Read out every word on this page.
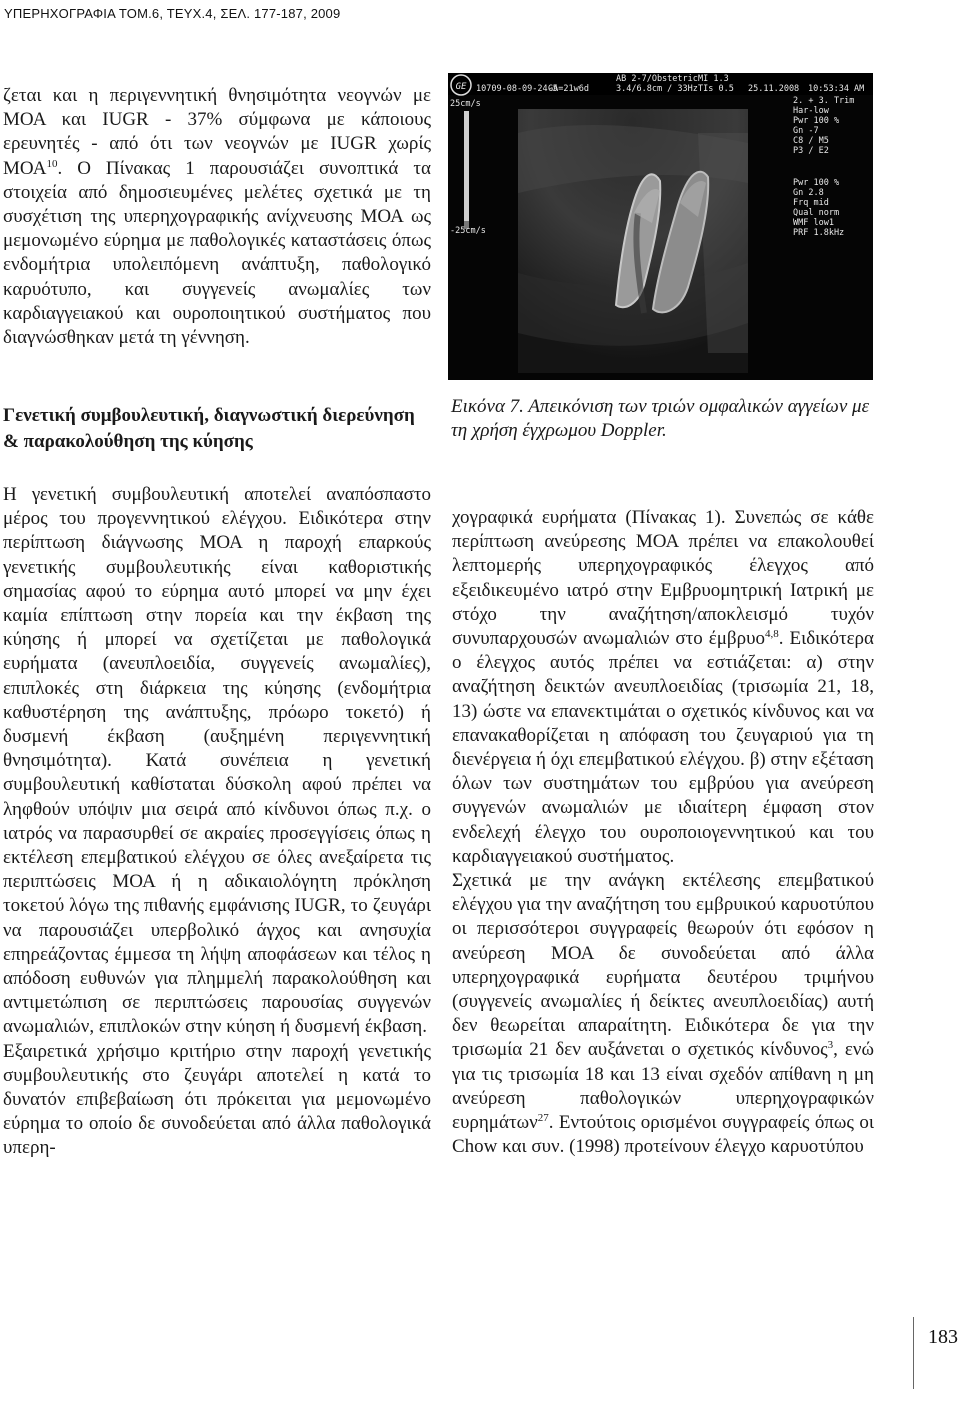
ΥΠΕΡΗΧΟΓΡΑΦΙΑ ΤΟΜ.6, ΤΕΥΧ.4, ΣΕΛ. 177-187, 2009

ζεται και η περιγεννητική θνησιμότητα νεογνών με ΜΟΑ και IUGR - 37% σύμφωνα με κάποιους ερευνητές - από ότι των νεογνών με IUGR χωρίς ΜΟΑ$^{10}$. Ο Πίνακας 1 παρουσιάζει συνοπτικά τα στοιχεία από δημοσιευμένες μελέτες σχετικά με τη συσχέτιση της υπερηχογραφικής ανίχνευσης ΜΟΑ ως μεμονωμένο εύρημα με παθολογικές καταστάσεις όπως ενδομήτρια υπολειπόμενη ανάπτυξη, παθολογικό καρυότυπο, και συγγενείς ανωμαλίες των καρδιαγγειακού και ουροποιητικού συστήματος που διαγνώσθηκαν μετά τη γέννηση.

Γενετική συμβουλευτική, διαγνωστική διερεύνηση & παρακολούθηση της κύησης

Η γενετική συμβουλευτική αποτελεί αναπόσπαστο μέρος του προγεννητικού ελέγχου. Ειδικότερα στην περίπτωση διάγνωσης ΜΟΑ η παροχή επαρκούς γενετικής συμβουλευτικής είναι καθοριστικής σημασίας αφού το εύρημα αυτό μπορεί να μην έχει καμία επίπτωση στην πορεία και την έκβαση της κύησης ή μπορεί να σχετίζεται με παθολογικά ευρήματα (ανευπλοειδία, συγγενείς ανωμαλίες), επιπλοκές στη διάρκεια της κύησης (ενδομήτρια καθυστέρηση της ανάπτυξης, πρόωρο τοκετό) ή δυσμενή έκβαση (αυξημένη περιγεννητική θνησιμότητα). Κατά συνέπεια η γενετική συμβουλευτική καθίσταται δύσκολη αφού πρέπει να ληφθούν υπόψιν μια σειρά από κίνδυνοι όπως π.χ. ο ιατρός να παρασυρθεί σε ακραίες προσεγγίσεις όπως η εκτέλεση επεμβατικού ελέγχου σε όλες ανεξαίρετα τις περιπτώσεις ΜΟΑ ή η αδικαιολόγητη πρόκληση τοκετού λόγω της πιθανής εμφάνισης IUGR, το ζευγάρι να παρουσιάζει υπερβολικό άγχος και ανησυχία επηρεάζοντας έμμεσα τη λήψη αποφάσεων και τέλος η απόδοση ευθυνών για πλημμελή παρακολούθηση και αντιμετώπιση σε περιπτώσεις παρουσίας συγγενών ανωμαλιών, επιπλοκών στην κύηση ή δυσμενή έκβαση.

Εξαιρετικά χρήσιμο κριτήριο στην παροχή γενετικής συμβουλευτικής στο ζευγάρι αποτελεί η κατά το δυνατόν επιβεβαίωση ότι πρόκειται για μεμονωμένο εύρημα το οποίο δε συνοδεύεται από άλλα παθολογικά υπερη-

GE
AB 2-7/Obstetric
10709-08-09-24-5
GA=21w6d	3.4/6.8cm / 33Hz
MI 1.3
TIs 0.5 25.11.2008 10:53:34 AM
25cm/s
-25cm/s
2. + 3. Trim
Har-low
Pwr 100 %
Gn -7
C8 / M5
P3 / E2
Pwr 100 %
Gn 2.8
Frq mid
Qual norm
WMF low1
PRF 1.8kHz
Εικόνα 7. Απεικόνιση των τριών ομφαλικών αγγείων με τη χρήση έγχρωμου Doppler.

χογραφικά ευρήματα (Πίνακας 1). Συνεπώς σε κάθε περίπτωση ανεύρεσης ΜΟΑ πρέπει να επακολουθεί λεπτομερής υπερηχογραφικός έλεγχος από εξειδικευμένο ιατρό στην Εμβρυομητρική Ιατρική με στόχο την αναζήτηση/αποκλεισμό τυχόν συνυπαρχουσών ανωμαλιών στο έμβρυο$^{4,8}$. Ειδικότερα ο έλεγχος αυτός πρέπει να εστιάζεται: α) στην αναζήτηση δεικτών ανευπλοειδίας (τρισωμία 21, 18, 13) ώστε να επανεκτιμάται ο σχετικός κίνδυνος και να επανακαθορίζεται η απόφαση του ζευγαριού για τη διενέργεια ή όχι επεμβατικού ελέγχου. β) στην εξέταση όλων των συστημάτων του εμβρύου για ανεύρεση συγγενών ανωμαλιών με ιδιαίτερη έμφαση στον ενδελεχή έλεγχο του ουροποιογεννητικού και του καρδιαγγειακού συστήματος.

Σχετικά με την ανάγκη εκτέλεσης επεμβατικού ελέγχου για την αναζήτηση του εμβρυικού καρυοτύπου οι περισσότεροι συγγραφείς θεωρούν ότι εφόσον η ανεύρεση ΜΟΑ δε συνοδεύεται από άλλα υπερηχογραφικά ευρήματα δευτέρου τριμήνου (συγγενείς ανωμαλίες ή δείκτες ανευπλοειδίας) αυτή δεν θεωρείται απαραίτητη. Ειδικότερα δε για την τρισωμία 21 δεν αυξάνεται ο σχετικός κίνδυνος$^3$, ενώ για τις τρισωμία 18 και 13 είναι σχεδόν απίθανη η μη ανεύρεση παθολογικών υπερηχογραφικών ευρημάτων$^{27}$. Εντούτοις ορισμένοι συγγραφείς όπως οι Chow και συν. (1998) προτείνουν έλεγχο καρυοτύπου

183
